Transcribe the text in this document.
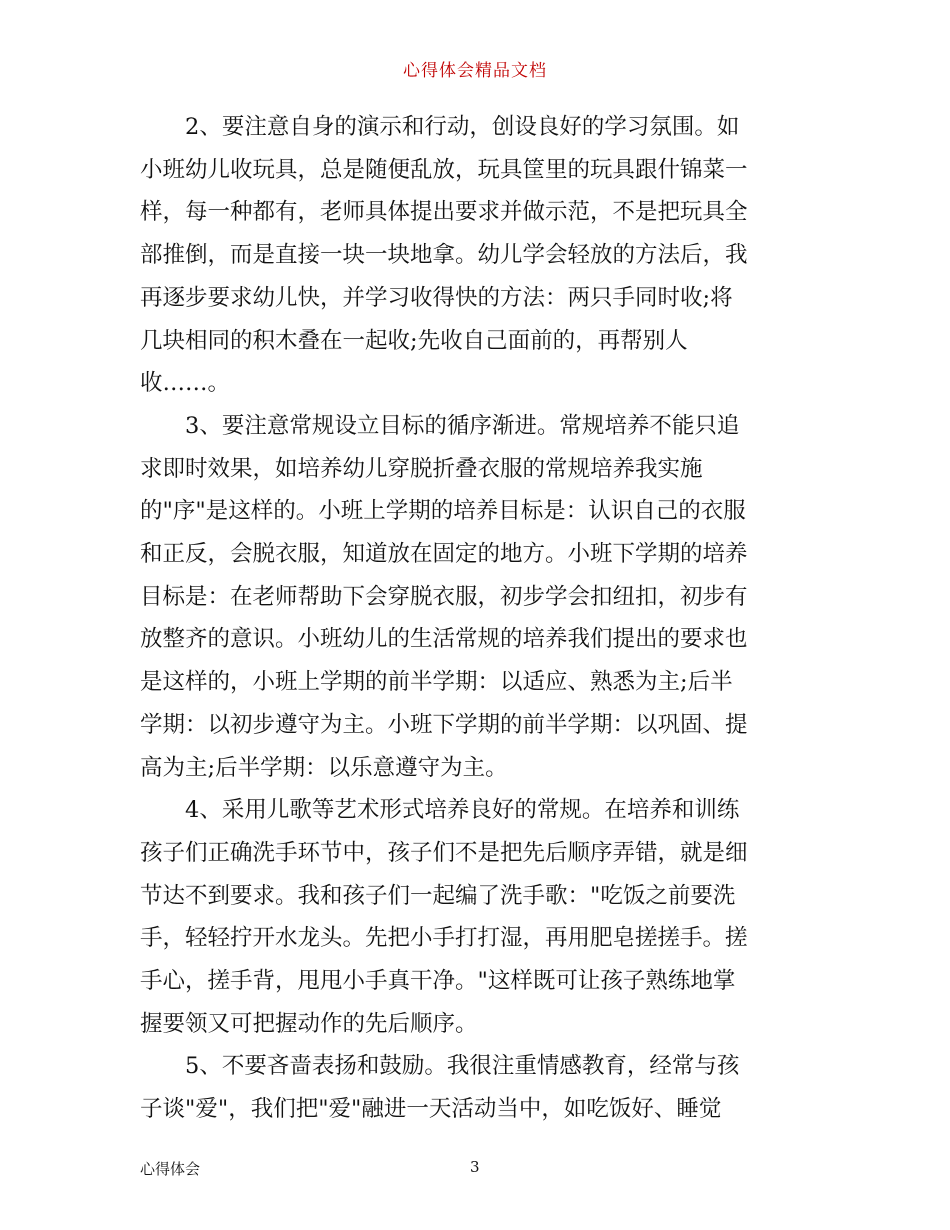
心得体会精品文档

2、要注意自身的演示和行动，创设良好的学习氛围。如
小班幼儿收玩具，总是随便乱放，玩具筐里的玩具跟什锦菜一
样，每一种都有，老师具体提出要求并做示范，不是把玩具全
部推倒，而是直接一块一块地拿。幼儿学会轻放的方法后，我
再逐步要求幼儿快，并学习收得快的方法：两只手同时收;将
几块相同的积木叠在一起收;先收自己面前的，再帮别人
收……。

3、要注意常规设立目标的循序渐进。常规培养不能只追
求即时效果，如培养幼儿穿脱折叠衣服的常规培养我实施
的"序"是这样的。小班上学期的培养目标是：认识自己的衣服
和正反，会脱衣服，知道放在固定的地方。小班下学期的培养
目标是：在老师帮助下会穿脱衣服，初步学会扣纽扣，初步有
放整齐的意识。小班幼儿的生活常规的培养我们提出的要求也
是这样的，小班上学期的前半学期：以适应、熟悉为主;后半
学期：以初步遵守为主。小班下学期的前半学期：以巩固、提
高为主;后半学期：以乐意遵守为主。

4、采用儿歌等艺术形式培养良好的常规。在培养和训练
孩子们正确洗手环节中，孩子们不是把先后顺序弄错，就是细
节达不到要求。我和孩子们一起编了洗手歌："吃饭之前要洗
手，轻轻拧开水龙头。先把小手打打湿，再用肥皂搓搓手。搓
手心，搓手背，甩甩小手真干净。"这样既可让孩子熟练地掌
握要领又可把握动作的先后顺序。

5、不要吝啬表扬和鼓励。我很注重情感教育，经常与孩
子谈"爱"，我们把"爱"融进一天活动当中，如吃饭好、睡觉

心得体会	3
